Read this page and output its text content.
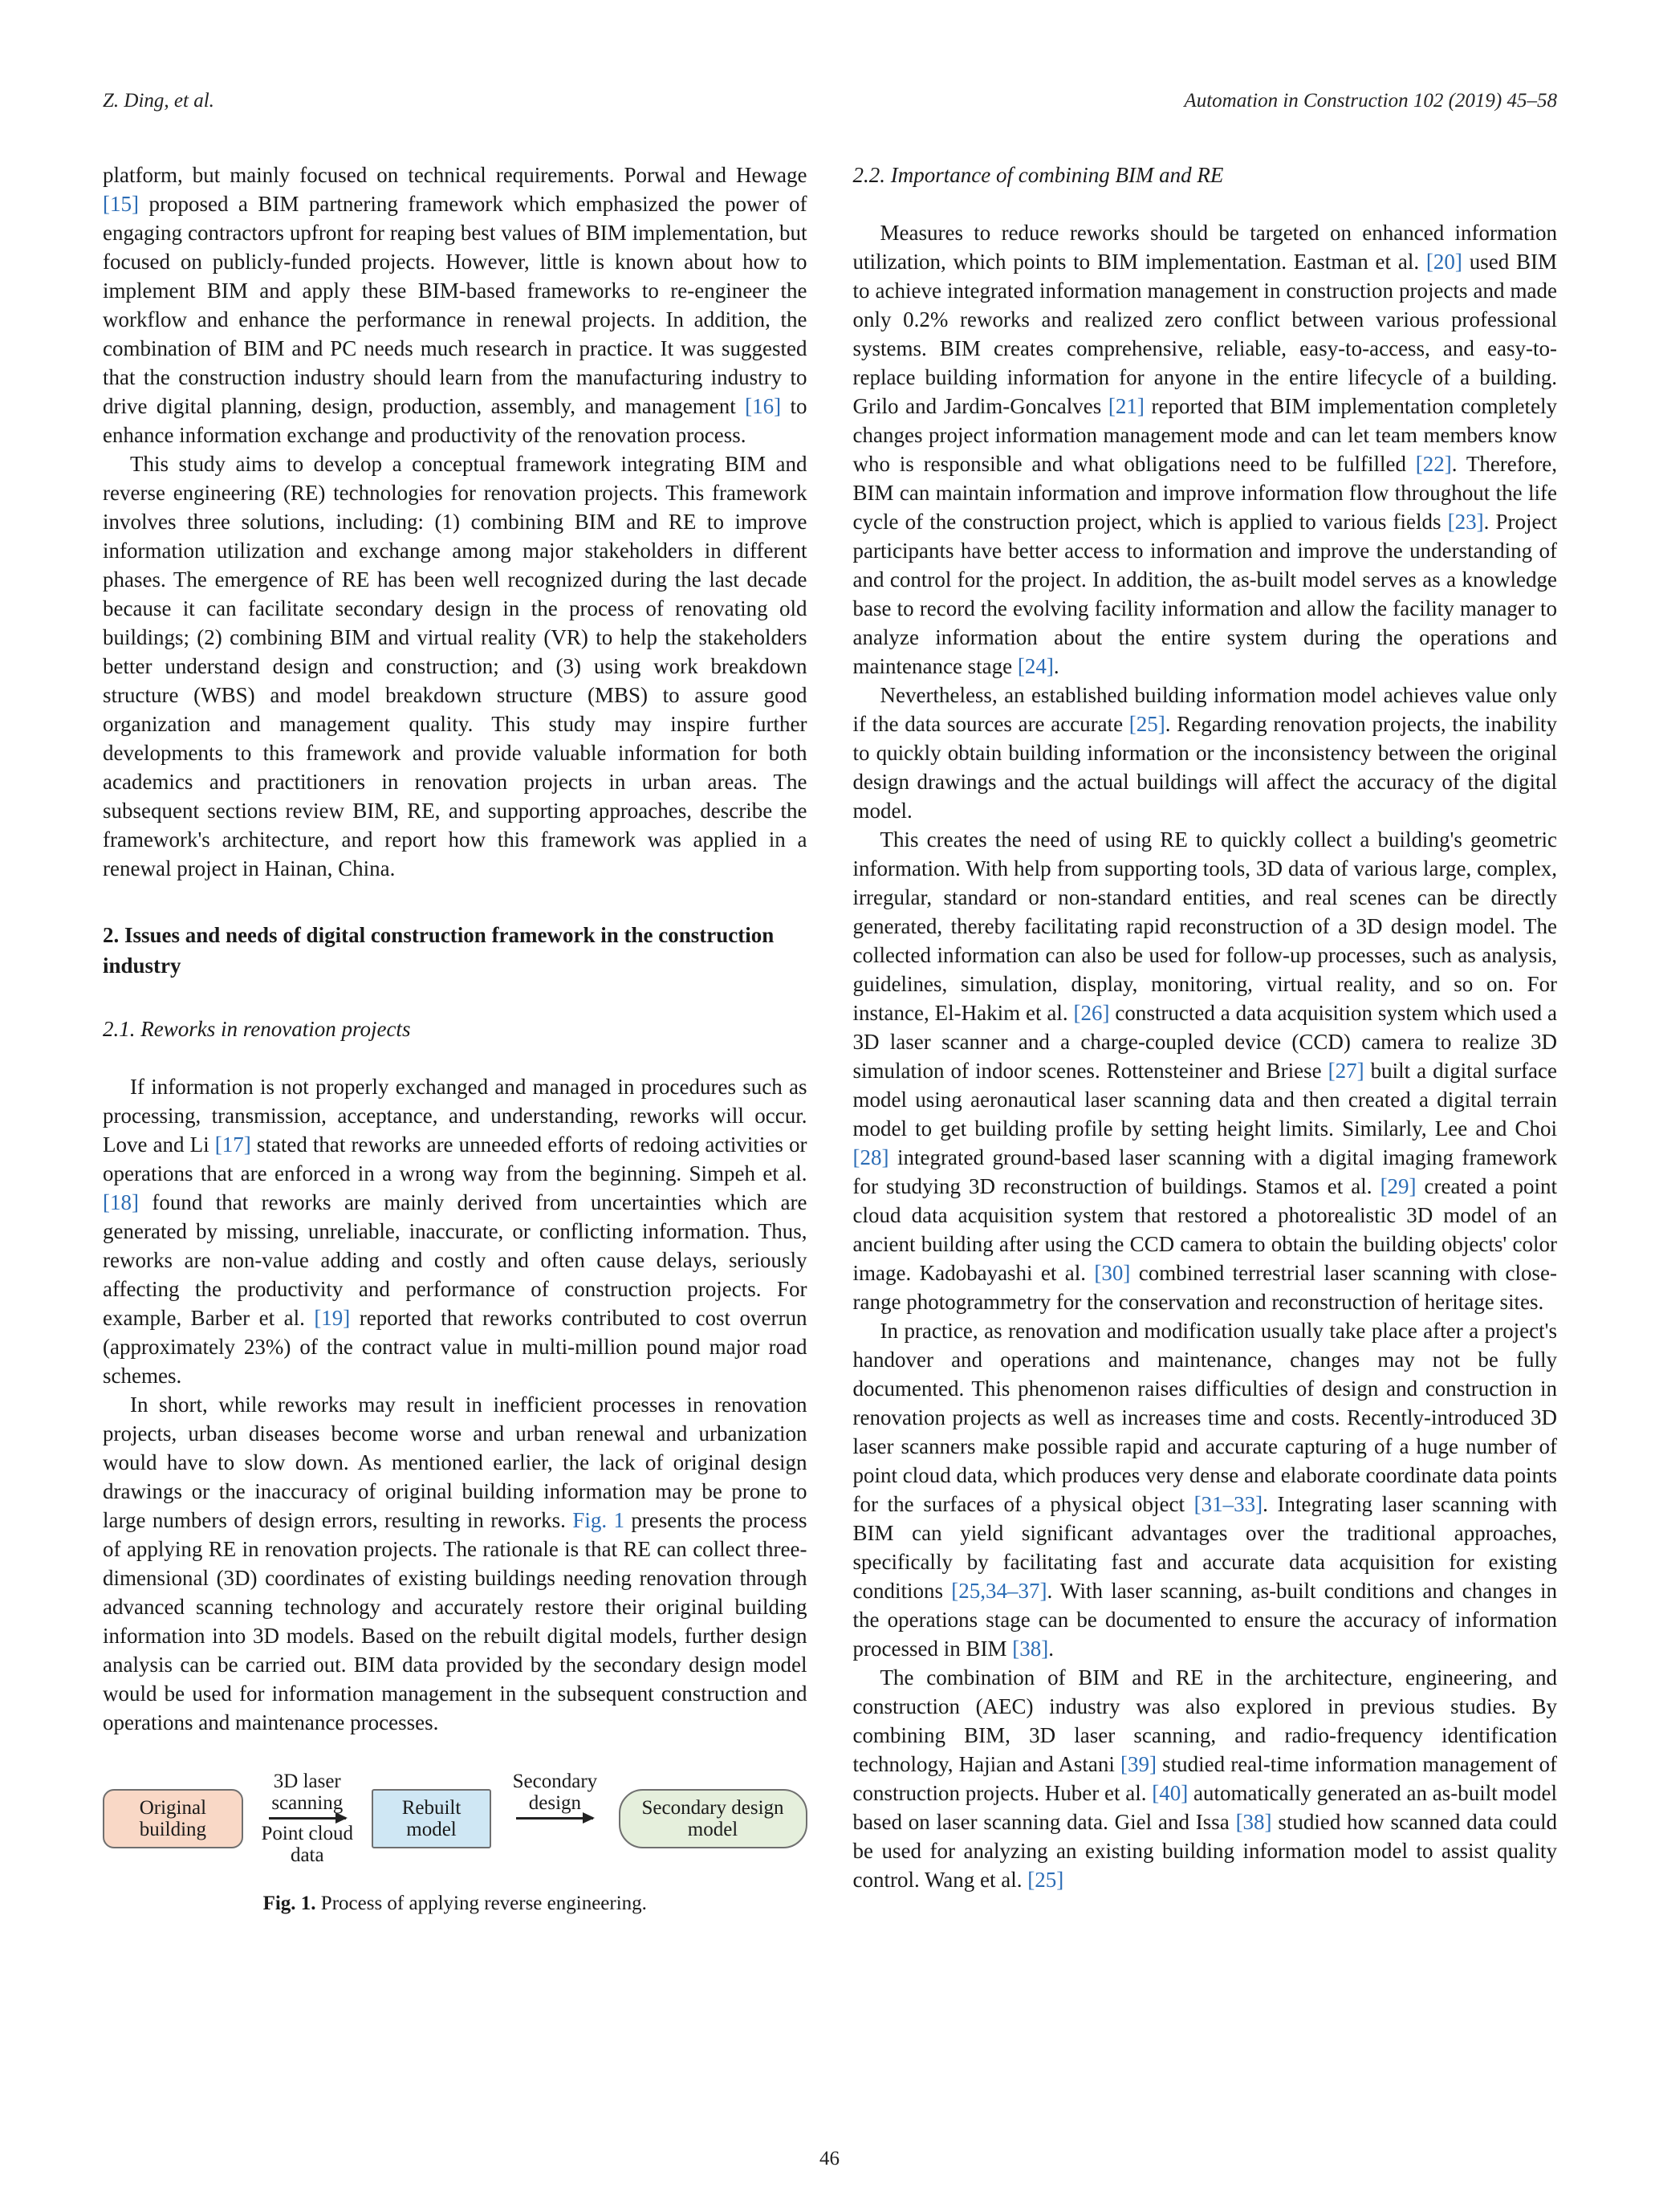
Z. Ding, et al.	Automation in Construction 102 (2019) 45–58

platform, but mainly focused on technical requirements. Porwal and Hewage [15] proposed a BIM partnering framework which emphasized the power of engaging contractors upfront for reaping best values of BIM implementation, but focused on publicly-funded projects. However, little is known about how to implement BIM and apply these BIM-based frameworks to re-engineer the workflow and enhance the performance in renewal projects. In addition, the combination of BIM and PC needs much research in practice. It was suggested that the construction industry should learn from the manufacturing industry to drive digital planning, design, production, assembly, and management [16] to enhance information exchange and productivity of the renovation process.

This study aims to develop a conceptual framework integrating BIM and reverse engineering (RE) technologies for renovation projects. This framework involves three solutions, including: (1) combining BIM and RE to improve information utilization and exchange among major stakeholders in different phases. The emergence of RE has been well recognized during the last decade because it can facilitate secondary design in the process of renovating old buildings; (2) combining BIM and virtual reality (VR) to help the stakeholders better understand design and construction; and (3) using work breakdown structure (WBS) and model breakdown structure (MBS) to assure good organization and management quality. This study may inspire further developments to this framework and provide valuable information for both academics and practitioners in renovation projects in urban areas. The subsequent sections review BIM, RE, and supporting approaches, describe the framework's architecture, and report how this framework was applied in a renewal project in Hainan, China.

2. Issues and needs of digital construction framework in the construction industry
2.1. Reworks in renovation projects

If information is not properly exchanged and managed in procedures such as processing, transmission, acceptance, and understanding, reworks will occur. Love and Li [17] stated that reworks are unneeded efforts of redoing activities or operations that are enforced in a wrong way from the beginning. Simpeh et al. [18] found that reworks are mainly derived from uncertainties which are generated by missing, unreliable, inaccurate, or conflicting information. Thus, reworks are non-value adding and costly and often cause delays, seriously affecting the productivity and performance of construction projects. For example, Barber et al. [19] reported that reworks contributed to cost overrun (approximately 23%) of the contract value in multi-million pound major road schemes.

In short, while reworks may result in inefficient processes in renovation projects, urban diseases become worse and urban renewal and urbanization would have to slow down. As mentioned earlier, the lack of original design drawings or the inaccuracy of original building information may be prone to large numbers of design errors, resulting in reworks. Fig. 1 presents the process of applying RE in renovation projects. The rationale is that RE can collect three-dimensional (3D) coordinates of existing buildings needing renovation through advanced scanning technology and accurately restore their original building information into 3D models. Based on the rebuilt digital models, further design analysis can be carried out. BIM data provided by the secondary design model would be used for information management in the subsequent construction and operations and maintenance processes.

Original building
3D laser scanning
Point cloud data
Rebuilt model
Secondary design	Secondary design model
Fig. 1. Process of applying reverse engineering.
2.2. Importance of combining BIM and RE

Measures to reduce reworks should be targeted on enhanced information utilization, which points to BIM implementation. Eastman et al. [20] used BIM to achieve integrated information management in construction projects and made only 0.2% reworks and realized zero conflict between various professional systems. BIM creates comprehensive, reliable, easy-to-access, and easy-to-replace building information for anyone in the entire lifecycle of a building. Grilo and Jardim-Goncalves [21] reported that BIM implementation completely changes project information management mode and can let team members know who is responsible and what obligations need to be fulfilled [22]. Therefore, BIM can maintain information and improve information flow throughout the life cycle of the construction project, which is applied to various fields [23]. Project participants have better access to information and improve the understanding of and control for the project. In addition, the as-built model serves as a knowledge base to record the evolving facility information and allow the facility manager to analyze information about the entire system during the operations and maintenance stage [24].

Nevertheless, an established building information model achieves value only if the data sources are accurate [25]. Regarding renovation projects, the inability to quickly obtain building information or the inconsistency between the original design drawings and the actual buildings will affect the accuracy of the digital model.

This creates the need of using RE to quickly collect a building's geometric information. With help from supporting tools, 3D data of various large, complex, irregular, standard or non-standard entities, and real scenes can be directly generated, thereby facilitating rapid reconstruction of a 3D design model. The collected information can also be used for follow-up processes, such as analysis, guidelines, simulation, display, monitoring, virtual reality, and so on. For instance, El-Hakim et al. [26] constructed a data acquisition system which used a 3D laser scanner and a charge-coupled device (CCD) camera to realize 3D simulation of indoor scenes. Rottensteiner and Briese [27] built a digital surface model using aeronautical laser scanning data and then created a digital terrain model to get building profile by setting height limits. Similarly, Lee and Choi [28] integrated ground-based laser scanning with a digital imaging framework for studying 3D reconstruction of buildings. Stamos et al. [29] created a point cloud data acquisition system that restored a photorealistic 3D model of an ancient building after using the CCD camera to obtain the building objects' color image. Kadobayashi et al. [30] combined terrestrial laser scanning with close-range photogrammetry for the conservation and reconstruction of heritage sites.

In practice, as renovation and modification usually take place after a project's handover and operations and maintenance, changes may not be fully documented. This phenomenon raises difficulties of design and construction in renovation projects as well as increases time and costs. Recently-introduced 3D laser scanners make possible rapid and accurate capturing of a huge number of point cloud data, which produces very dense and elaborate coordinate data points for the surfaces of a physical object [31–33]. Integrating laser scanning with BIM can yield significant advantages over the traditional approaches, specifically by facilitating fast and accurate data acquisition for existing conditions [25,34–37]. With laser scanning, as-built conditions and changes in the operations stage can be documented to ensure the accuracy of information processed in BIM [38].

The combination of BIM and RE in the architecture, engineering, and construction (AEC) industry was also explored in previous studies. By combining BIM, 3D laser scanning, and radio-frequency identification technology, Hajian and Astani [39] studied real-time information management of construction projects. Huber et al. [40] automatically generated an as-built model based on laser scanning data. Giel and Issa [38] studied how scanned data could be used for analyzing an existing building information model to assist quality control. Wang et al. [25]

46
